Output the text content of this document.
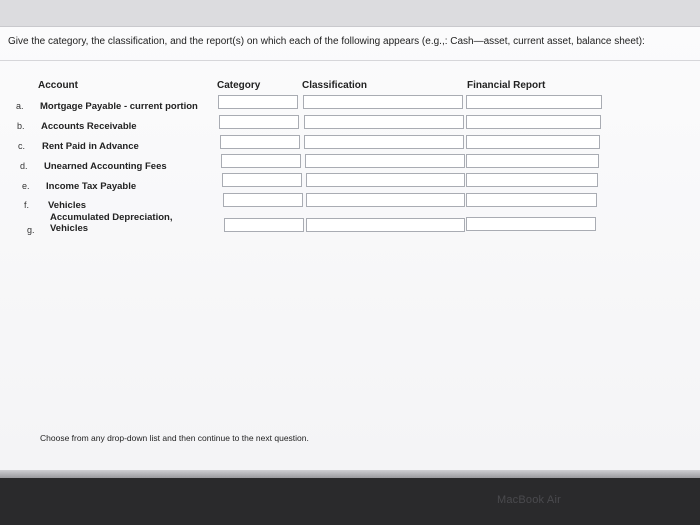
Give the category, the classification, and the report(s) on which each of the following appears (e.g.,: Cash—asset, current asset, balance sheet):
Account	Category	Classification	Financial Report
a. Mortgage Payable - current portion
b. Accounts Receivable
c. Rent Paid in Advance
d. Unearned Accounting Fees
e. Income Tax Payable
f. Vehicles
g.
Accumulated Depreciation, Vehicles
Choose from any drop-down list and then continue to the next question.
MacBook Air
